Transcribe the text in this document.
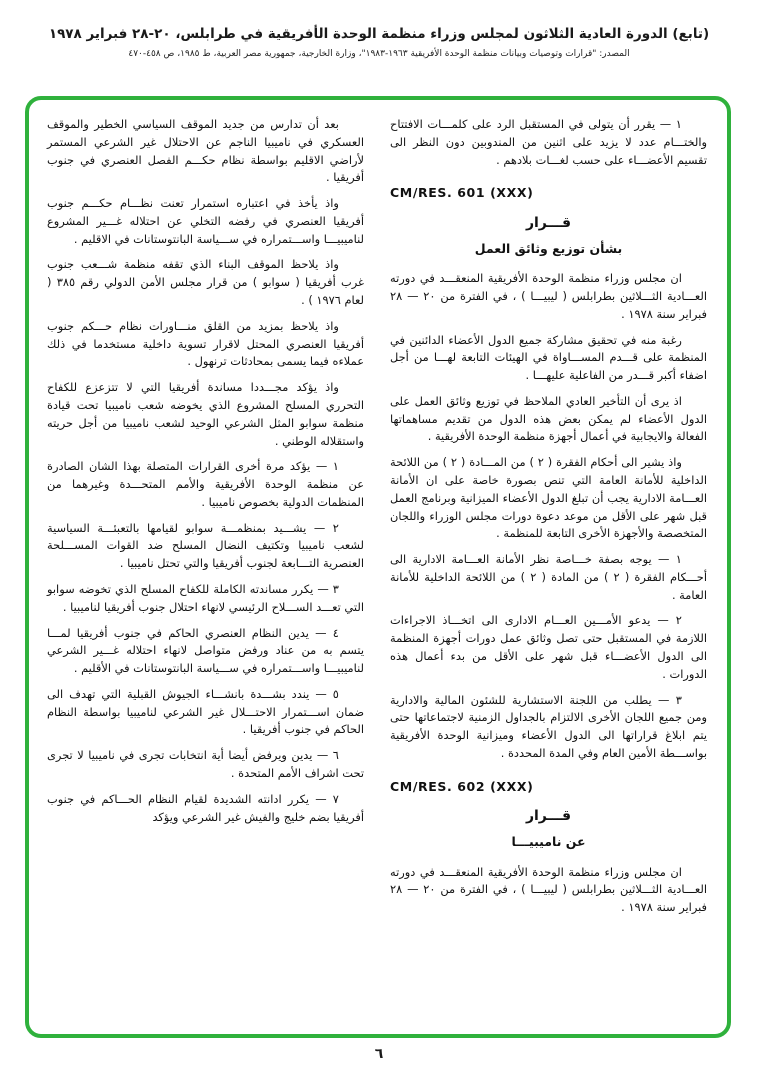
(تابع) الدورة العادية الثلاثون لمجلس وزراء منظمة الوحدة الأفريقية في طرابلس، ٢٠-٢٨ فبراير ١٩٧٨
المصدر: "قرارات وتوصيات وبيانات منظمة الوحدة الأفريقية ١٩٦٣-١٩٨٣"، وزارة الخارجية، جمهورية مصر العربية، ط ١٩٨٥، ص ٤٥٨-٤٧٠
١ — يقرر أن يتولى في المستقبل الرد على كلمـــات الافتتاح والختـــام عدد لا يزيد على اثنين من المندوبين دون النظر الى تقسيم الأعضـــاء على حسب لغـــات بلادهم .
CM/RES. 601 (XXX)
قـــرار
بشأن توزيع وثائق العمل
ان مجلس وزراء منظمة الوحدة الأفريقية المنعقـــد في دورته العـــادية الثـــلاثين بطرابلس ( ليبيـــا ) ، في الفترة من ٢٠ — ٢٨ فبراير سنة ١٩٧٨ .
رغبة منه في تحقيق مشاركة جميع الدول الأعضاء الدائنين في المنظمة على قـــدم المســـاواة في الهيئات التابعة لهـــا من أجل اضفاء أكبر قـــدر من الفاعلية عليهـــا .
اذ يرى أن التأخير العادي الملاحظ في توزيع وثائق العمل على الدول الأعضاء لم يمكن بعض هذه الدول من تقديم مساهماتها الفعالة والايجابية في أعمال أجهزة منظمة الوحدة الأفريقية .
واذ يشير الى أحكام الفقرة ( ٢ ) من المـــادة ( ٢ ) من اللائحة الداخلية للأمانة العامة التي تنص بصورة خاصة على ان الأمانة العـــامة الادارية يجب أن تبلغ الدول الأعضاء الميزانية وبرنامج العمل قبل شهر على الأقل من موعد دعوة دورات مجلس الوزراء واللجان المتخصصة والأجهزة الأخرى التابعة للمنظمة .
١ — يوجه بصفة خـــاصة نظر الأمانة العـــامة الادارية الى أحـــكام الفقرة ( ٢ ) من المادة ( ٢ ) من اللائحة الداخلية للأمانة العامة .
٢ — يدعو الأمـــين العـــام الادارى الى اتخـــاذ الاجراءات اللازمة في المستقبل حتى تصل وثائق عمل دورات أجهزة المنظمة الى الدول الأعضـــاء قبل شهر على الأقل من بدء أعمال هذه الدورات .
٣ — يطلب من اللجنة الاستشارية للشئون المالية والادارية ومن جميع اللجان الأخرى الالتزام بالجداول الزمنية لاجتماعاتها حتى يتم ابلاغ قراراتها الى الدول الأعضاء وميزانية الوحدة الأفريقية بواســـطة الأمين العام وفي المدة المحددة .
CM/RES. 602 (XXX)
قـــرار
عن ناميبيـــا
ان مجلس وزراء منظمة الوحدة الأفريقية المنعقـــد في دورته العـــادية الثـــلاثين بطرابلس ( ليبيـــا ) ، في الفترة من ٢٠ — ٢٨ فبراير سنة ١٩٧٨ .
بعد أن تدارس من جديد الموقف السياسي الخطير والموقف العسكري في ناميبيا الناجم عن الاحتلال غير الشرعي المستمر لأراضي الاقليم بواسطة نظام حكـــم الفصل العنصري في جنوب أفريقيا .
واذ يأخذ في اعتباره استمرار تعنت نظـــام حكـــم جنوب أفريقيا العنصري في رفضه التخلي عن احتلاله غـــير المشروع لناميبيـــا واســـتمراره في ســـياسة البانتوستانات في الاقليم .
واذ يلاحظ الموقف البناء الذي تقفه منظمة شـــعب جنوب غرب أفريقيا ( سوابو ) من قرار مجلس الأمن الدولي رقم ٣٨٥ ( لعام ١٩٧٦ ) .
واذ يلاحظ بمزيد من القلق منـــاورات نظام حـــكم جنوب أفريقيا العنصري المحتل لاقرار تسوية داخلية مستخدما في ذلك عملاءه فيما يسمى بمحادثات ترنهول .
واذ يؤكد مجـــددا مساندة أفريقيا التي لا تتزعزع للكفاح التحرري المسلح المشروع الذي يخوضه شعب ناميبيا تحت قيادة منظمة سوابو المثل الشرعي الوحيد لشعب ناميبيا من أجل حريته واستقلاله الوطني .
١ — يؤكد مرة أخرى القرارات المتصلة بهذا الشان الصادرة عن منظمة الوحدة الأفريقية والأمم المتحـــدة وغيرهما من المنظمات الدولية بخصوص ناميبيا .
٢ — يشـــيد بمنظمـــة سوابو لقيامها بالتعبئـــة السياسية لشعب ناميبيا وتكتيف النضال المسلح ضد القوات المســـلحة العنصرية التـــابعة لجنوب أفريقيا والتي تحتل ناميبيا .
٣ — يكرر مساندته الكاملة للكفاح المسلح الذي تخوضه سوابو التي تعـــد الســـلاح الرئيسي لانهاء احتلال جنوب أفريقيا لناميبيا .
٤ — يدين النظام العنصري الحاكم في جنوب أفريقيا لمـــا يتسم به من عناد ورفض متواصل لانهاء احتلاله غـــير الشرعي لناميبيـــا واســـتمراره في ســـياسة البانتوستانات في الأقليم .
٥ — يندد بشـــدة بانشـــاء الجيوش القبلية التي تهدف الى ضمان اســـتمرار الاحتـــلال غير الشرعي لناميبيا بواسطة النظام الحاكم في جنوب أفريقيا .
٦ — يدين ويرفض أيضا أية انتخابات تجرى في ناميبيا لا تجرى تحت اشراف الأمم المتحدة .
٧ — يكرر ادانته الشديدة لقيام النظام الحـــاكم في جنوب أفريقيا بضم خليج والفيش غير الشرعي ويؤكد
٦
